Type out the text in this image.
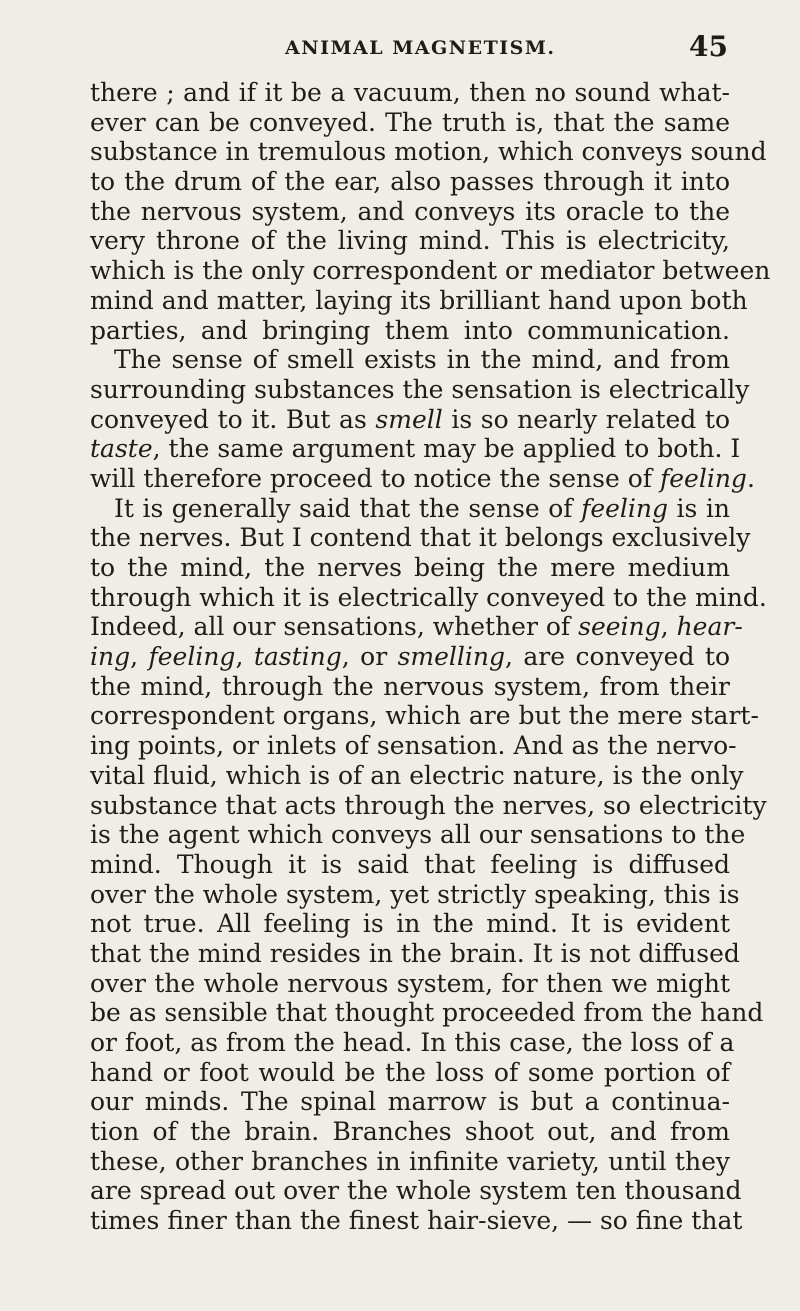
ANIMAL MAGNETISM.	45
there ; and if it be a vacuum, then no sound what-
ever can be conveyed. The truth is, that the same
substance in tremulous motion, which conveys sound
to the drum of the ear, also passes through it into
the nervous system, and conveys its oracle to the
very throne of the living mind. This is electricity,
which is the only correspondent or mediator between
mind and matter, laying its brilliant hand upon both
parties, and bringing them into communication.
The sense of smell exists in the mind, and from
surrounding substances the sensation is electrically
conveyed to it. But as smell is so nearly related to
taste, the same argument may be applied to both. I
will therefore proceed to notice the sense of feeling.
It is generally said that the sense of feeling is in
the nerves. But I contend that it belongs exclusively
to the mind, the nerves being the mere medium
through which it is electrically conveyed to the mind.
Indeed, all our sensations, whether of seeing, hear-
ing, feeling, tasting, or smelling, are conveyed to
the mind, through the nervous system, from their
correspondent organs, which are but the mere start-
ing points, or inlets of sensation. And as the nervo-
vital fluid, which is of an electric nature, is the only
substance that acts through the nerves, so electricity
is the agent which conveys all our sensations to the
mind. Though it is said that feeling is diffused
over the whole system, yet strictly speaking, this is
not true. All feeling is in the mind. It is evident
that the mind resides in the brain. It is not diffused
over the whole nervous system, for then we might
be as sensible that thought proceeded from the hand
or foot, as from the head. In this case, the loss of a
hand or foot would be the loss of some portion of
our minds. The spinal marrow is but a continua-
tion of the brain. Branches shoot out, and from
these, other branches in infinite variety, until they
are spread out over the whole system ten thousand
times finer than the finest hair-sieve, — so fine that
